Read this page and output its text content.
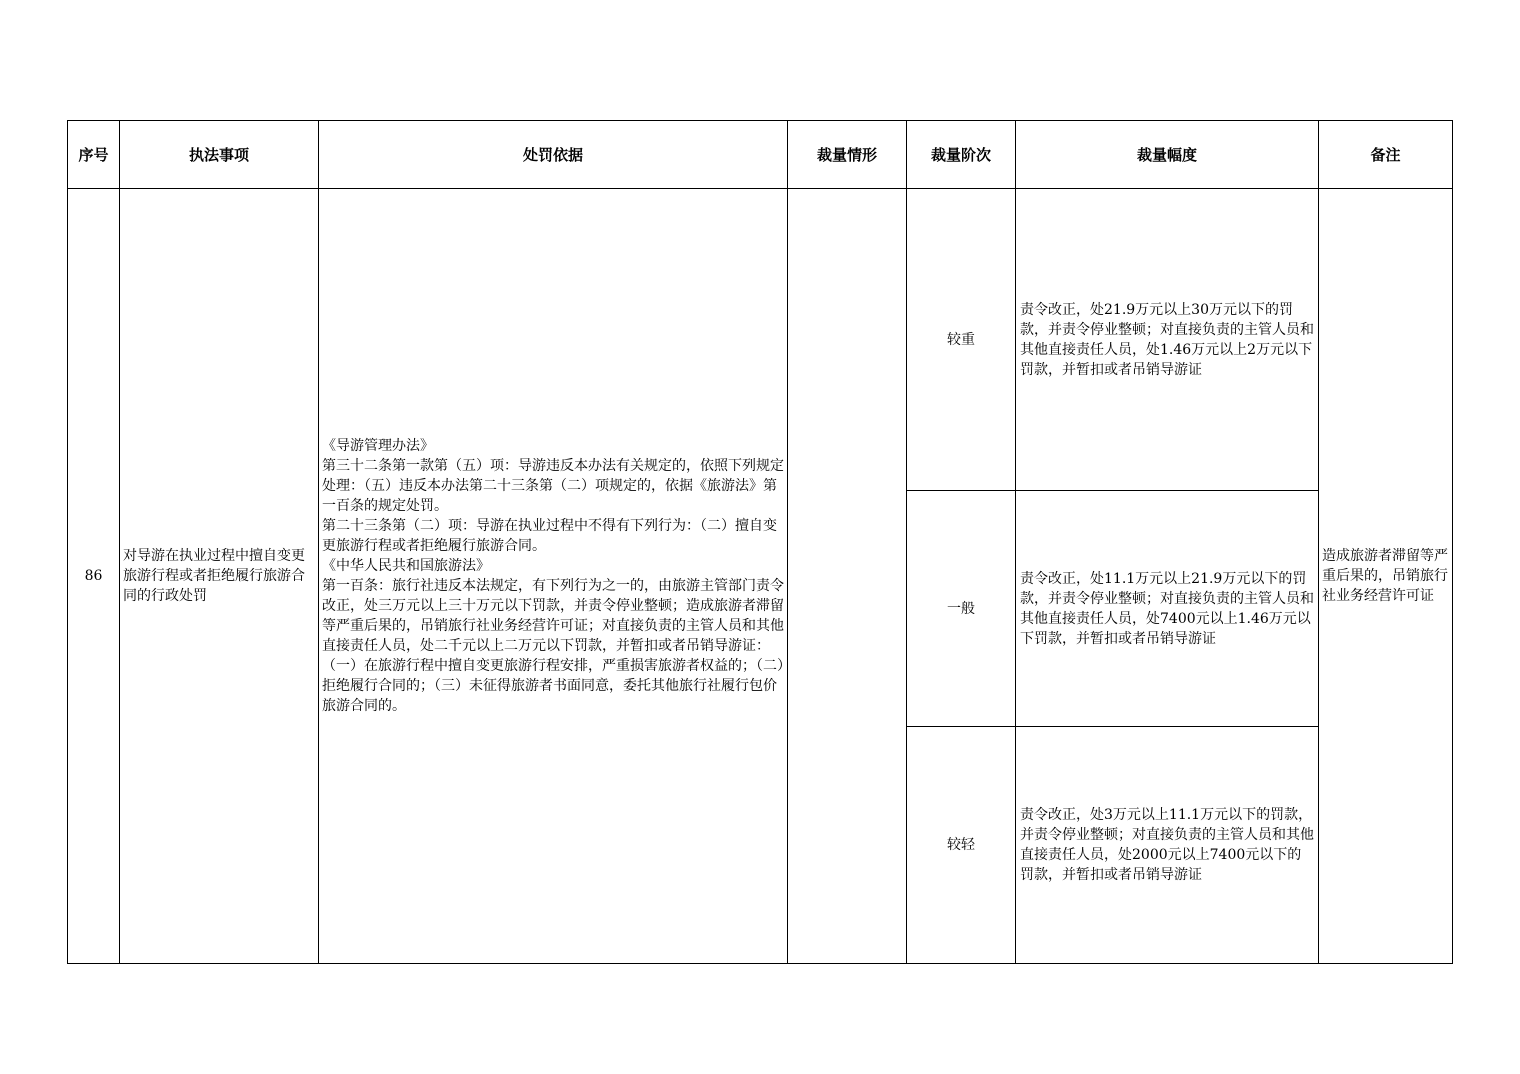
序号	执法事项	处罚依据	裁量情形	裁量阶次	裁量幅度	备注
86	对导游在执业过程中擅自变更旅游行程或者拒绝履行旅游合同的行政处罚	《导游管理办法》

第三十二条第一款第（五）项：导游违反本办法有关规定的，依照下列规定处理：（五）违反本办法第二十三条第（二）项规定的，依据《旅游法》第一百条的规定处罚。

第二十三条第（二）项：导游在执业过程中不得有下列行为：（二）擅自变更旅游行程或者拒绝履行旅游合同。

《中华人民共和国旅游法》

第一百条：旅行社违反本法规定，有下列行为之一的，由旅游主管部门责令改正，处三万元以上三十万元以下罚款，并责令停业整顿；造成旅游者滞留等严重后果的，吊销旅行社业务经营许可证；对直接负责的主管人员和其他直接责任人员，处二千元以上二万元以下罚款，并暂扣或者吊销导游证：（一）在旅游行程中擅自变更旅游行程安排，严重损害旅游者权益的；（二）拒绝履行合同的；（三）未征得旅游者书面同意，委托其他旅行社履行包价旅游合同的。		较重	责令改正，处21.9万元以上30万元以下的罚款，并责令停业整顿；对直接负责的主管人员和其他直接责任人员，处1.46万元以上2万元以下罚款，并暂扣或者吊销导游证	造成旅游者滞留等严重后果的，吊销旅行社业务经营许可证
				一般	责令改正，处11.1万元以上21.9万元以下的罚款，并责令停业整顿；对直接负责的主管人员和其他直接责任人员，处7400元以上1.46万元以下罚款，并暂扣或者吊销导游证	
				较轻	责令改正，处3万元以上11.1万元以下的罚款，并责令停业整顿；对直接负责的主管人员和其他直接责任人员，处2000元以上7400元以下的罚款，并暂扣或者吊销导游证	
